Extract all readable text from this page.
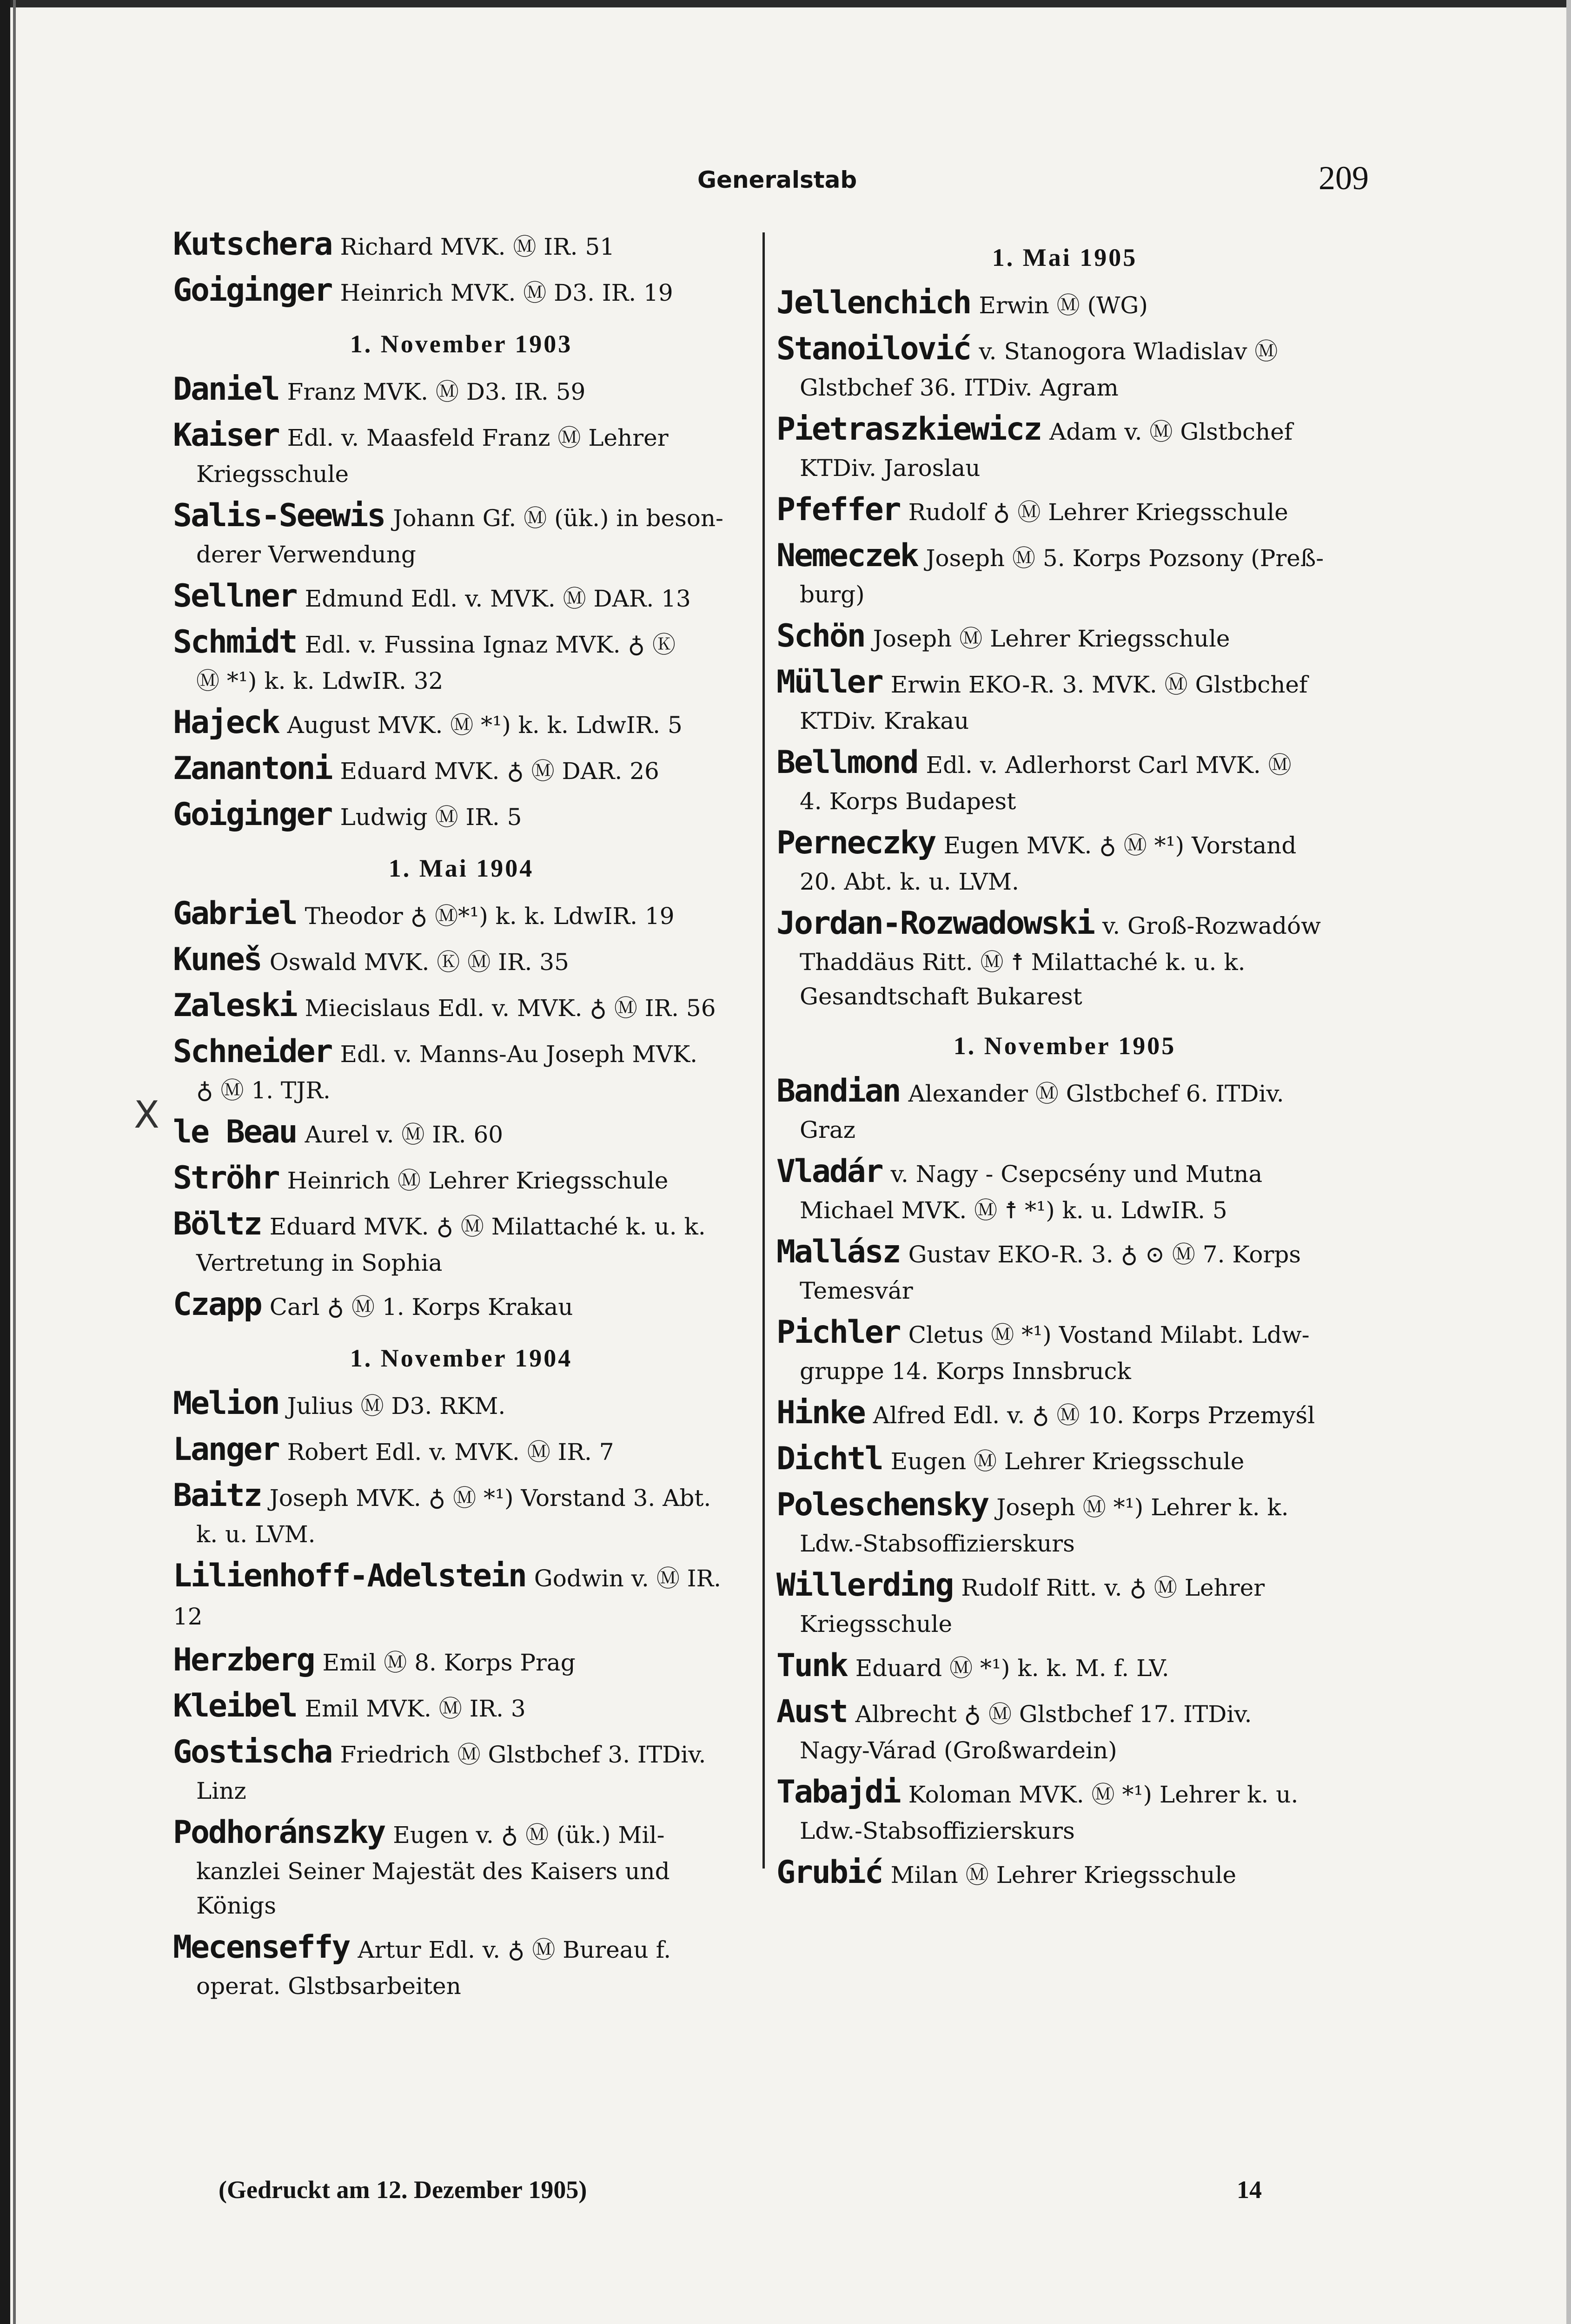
Generalstab	209
X
Kutschera Richard MVK. Ⓜ IR. 51
Goiginger Heinrich MVK. Ⓜ D3. IR. 19
1. November 1903
Daniel Franz MVK. Ⓜ D3. IR. 59
Kaiser Edl. v. Maasfeld Franz Ⓜ Lehrer
Kriegsschule
Salis-Seewis Johann Gf. Ⓜ (ük.) in beson-
derer Verwendung
Sellner Edmund Edl. v. MVK. Ⓜ DAR. 13
Schmidt Edl. v. Fussina Ignaz MVK. ♁ Ⓚ
Ⓜ *¹) k. k. LdwIR. 32
Hajeck August MVK. Ⓜ *¹) k. k. LdwIR. 5
Zanantoni Eduard MVK. ♁ Ⓜ DAR. 26
Goiginger Ludwig Ⓜ IR. 5
1. Mai 1904
Gabriel Theodor ♁ Ⓜ*¹) k. k. LdwIR. 19
Kuneš Oswald MVK. Ⓚ Ⓜ IR. 35
Zaleski Miecislaus Edl. v. MVK. ♁ Ⓜ IR. 56
Schneider Edl. v. Manns-Au Joseph MVK.
♁ Ⓜ 1. TJR.
le Beau Aurel v. Ⓜ IR. 60
Ströhr Heinrich Ⓜ Lehrer Kriegsschule
Böltz Eduard MVK. ♁ Ⓜ Milattaché k. u. k.
Vertretung in Sophia
Czapp Carl ♁ Ⓜ 1. Korps Krakau
1. November 1904
Melion Julius Ⓜ D3. RKM.
Langer Robert Edl. v. MVK. Ⓜ IR. 7
Baitz Joseph MVK. ♁ Ⓜ *¹) Vorstand 3. Abt.
k. u. LVM.
Lilienhoff-Adelstein Godwin v. Ⓜ IR. 12
Herzberg Emil Ⓜ 8. Korps Prag
Kleibel Emil MVK. Ⓜ IR. 3
Gostischa Friedrich Ⓜ Glstbchef 3. ITDiv.
Linz
Podhoránszky Eugen v. ♁ Ⓜ (ük.) Mil-
kanzlei Seiner Majestät des Kaisers und Königs
Mecenseffy Artur Edl. v. ♁ Ⓜ Bureau f.
operat. Glstbsarbeiten
1. Mai 1905
Jellenchich Erwin Ⓜ (WG)
Stanoilović v. Stanogora Wladislav Ⓜ
Glstbchef 36. ITDiv. Agram
Pietraszkiewicz Adam v. Ⓜ Glstbchef
KTDiv. Jaroslau
Pfeffer Rudolf ♁ Ⓜ Lehrer Kriegsschule
Nemeczek Joseph Ⓜ 5. Korps Pozsony (Preß-
burg)
Schön Joseph Ⓜ Lehrer Kriegsschule
Müller Erwin EKO-R. 3. MVK. Ⓜ Glstbchef
KTDiv. Krakau
Bellmond Edl. v. Adlerhorst Carl MVK. Ⓜ
4. Korps Budapest
Perneczky Eugen MVK. ♁ Ⓜ *¹) Vorstand
20. Abt. k. u. LVM.
Jordan-Rozwadowski v. Groß-Rozwadów
Thaddäus Ritt. Ⓜ ☨ Milattaché k. u. k. Gesandtschaft Bukarest
1. November 1905
Bandian Alexander Ⓜ Glstbchef 6. ITDiv.
Graz
Vladár v. Nagy - Csepcsény und Mutna
Michael MVK. Ⓜ ☨ *¹) k. u. LdwIR. 5
Mallász Gustav EKO-R. 3. ♁ ⊙ Ⓜ 7. Korps
Temesvár
Pichler Cletus Ⓜ *¹) Vostand Milabt. Ldw-
gruppe 14. Korps Innsbruck
Hinke Alfred Edl. v. ♁ Ⓜ 10. Korps Przemyśl
Dichtl Eugen Ⓜ Lehrer Kriegsschule
Poleschensky Joseph Ⓜ *¹) Lehrer k. k.
Ldw.-Stabsoffizierskurs
Willerding Rudolf Ritt. v. ♁ Ⓜ Lehrer
Kriegsschule
Tunk Eduard Ⓜ *¹) k. k. M. f. LV.
Aust Albrecht ♁ Ⓜ Glstbchef 17. ITDiv.
Nagy-Várad (Großwardein)
Tabajdi Koloman MVK. Ⓜ *¹) Lehrer k. u.
Ldw.-Stabsoffizierskurs
Grubić Milan Ⓜ Lehrer Kriegsschule
(Gedruckt am 12. Dezember 1905)	14
